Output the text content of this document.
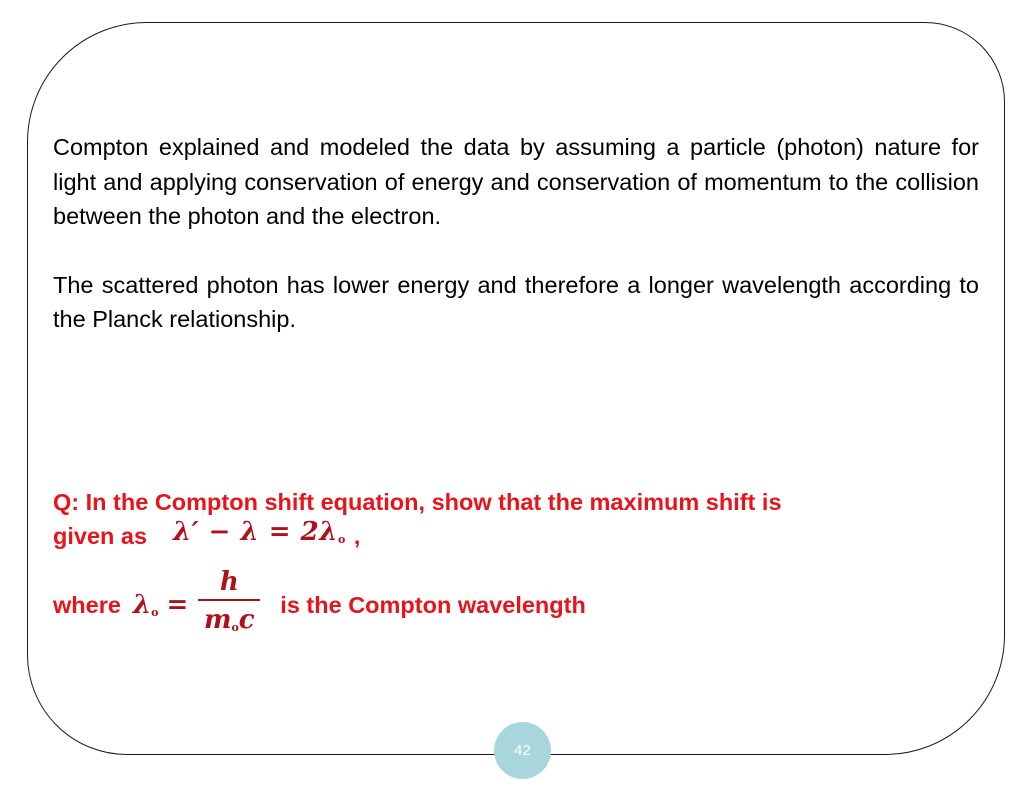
Compton explained and modeled the data by assuming a particle (photon) nature for light and applying conservation of energy and conservation of momentum to the collision between the photon and the electron.

The scattered photon has lower energy and therefore a longer wavelength according to the Planck relationship.

Q: In the Compton shift equation, show that the maximum shift is
given as $\lambda' - \lambda = 2\lambda_o$ ,
where $\lambda_o = \frac{h}{m_oc}$ is the Compton wavelength
42
